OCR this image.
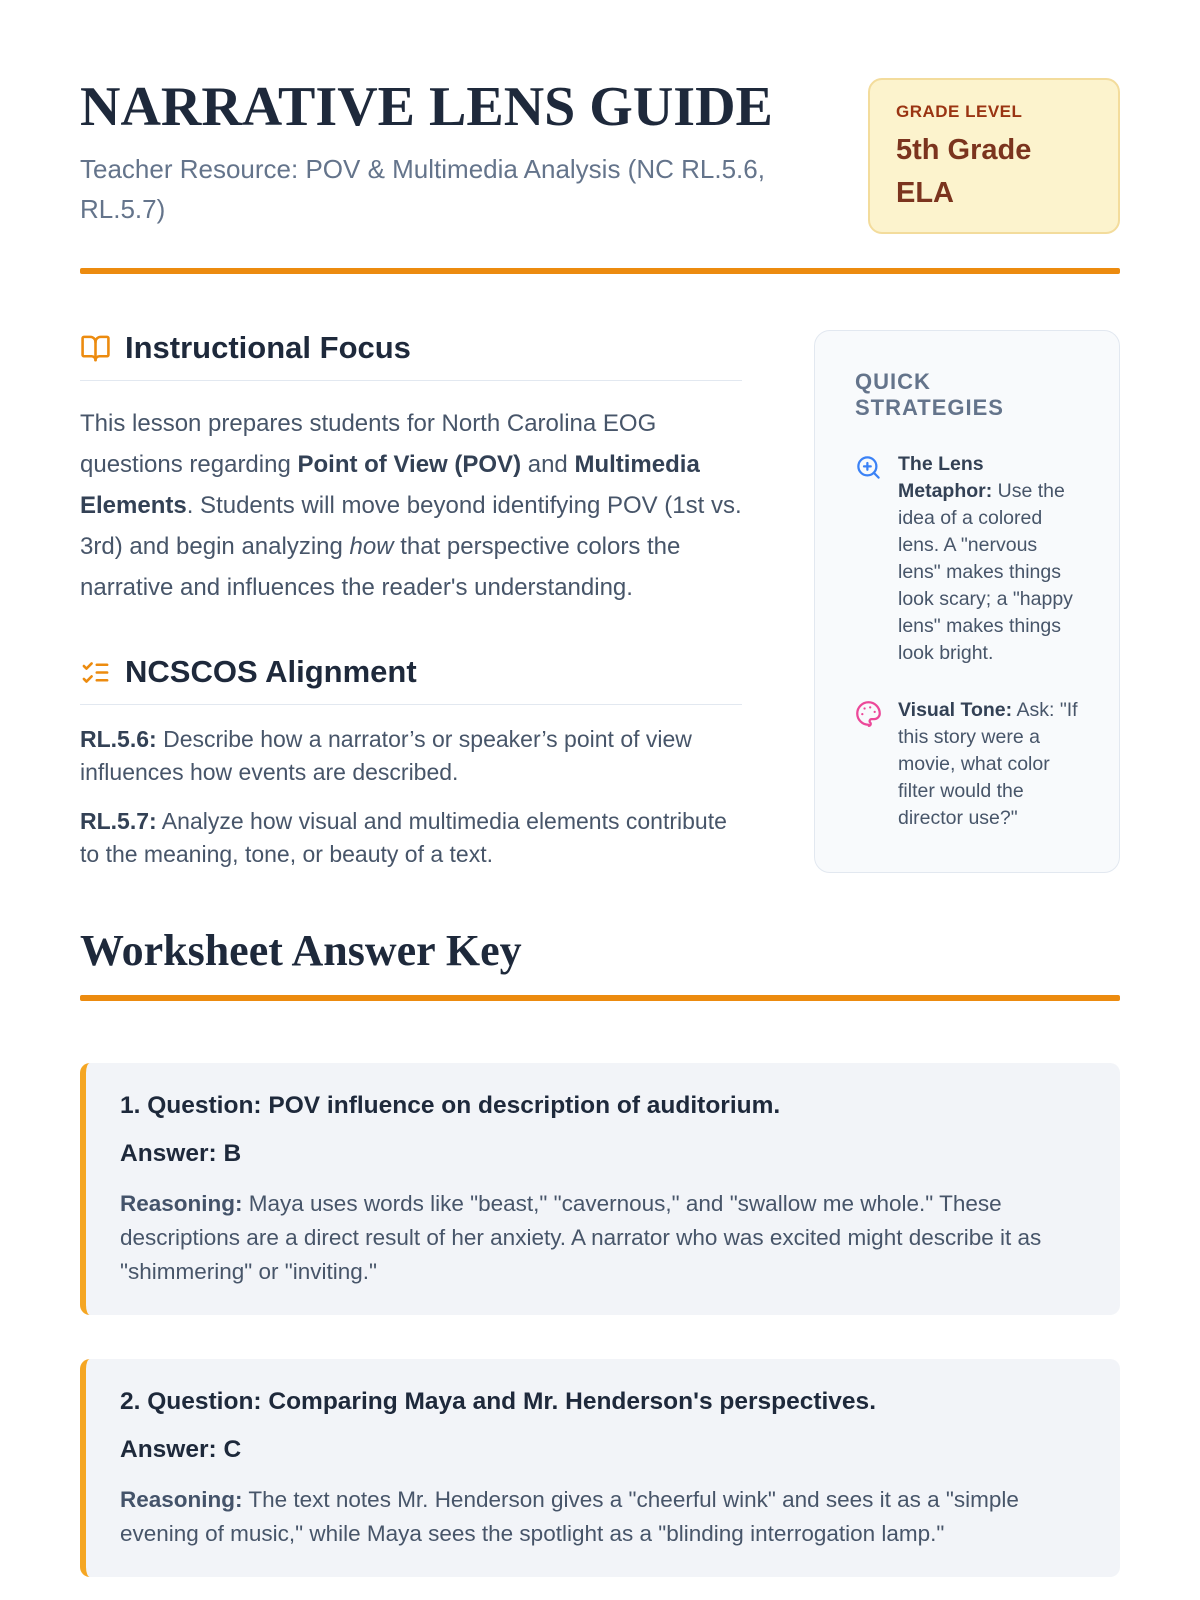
NARRATIVE LENS GUIDE

Teacher Resource: POV & Multimedia Analysis (NC RL.5.6, RL.5.7)

GRADE LEVEL
5th Grade
ELA
Instructional Focus

This lesson prepares students for North Carolina EOG questions regarding Point of View (POV) and Multimedia Elements. Students will move beyond identifying POV (1st vs. 3rd) and begin analyzing how that perspective colors the narrative and influences the reader's understanding.

NCSCOS Alignment

RL.5.6: Describe how a narrator’s or speaker’s point of view influences how events are described.

RL.5.7: Analyze how visual and multimedia elements contribute to the meaning, tone, or beauty of a text.

QUICK STRATEGIES

The Lens Metaphor: Use the idea of a colored lens. A "nervous lens" makes things look scary; a "happy lens" makes things look bright.

Visual Tone: Ask: "If this story were a movie, what color filter would the director use?"

Worksheet Answer Key
1. Question: POV influence on description of auditorium.

Answer: B

Reasoning: Maya uses words like "beast," "cavernous," and "swallow me whole." These descriptions are a direct result of her anxiety. A narrator who was excited might describe it as "shimmering" or "inviting."

2. Question: Comparing Maya and Mr. Henderson's perspectives.

Answer: C

Reasoning: The text notes Mr. Henderson gives a "cheerful wink" and sees it as a "simple evening of music," while Maya sees the spotlight as a "blinding interrogation lamp."
